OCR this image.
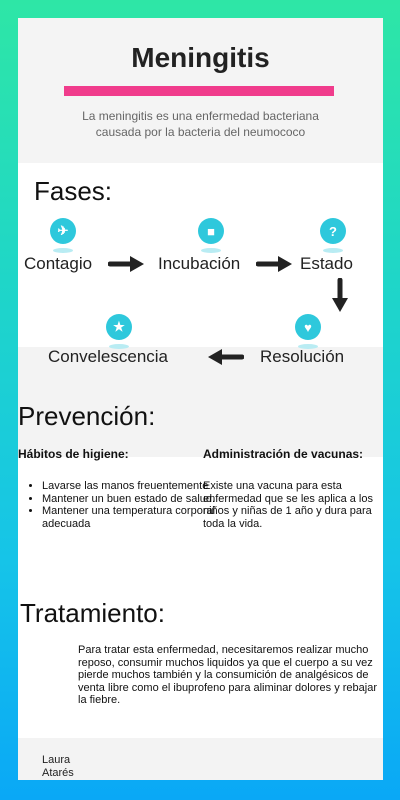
Meningitis
La meningitis es una enfermedad bacteriana causada por la bacteria del neumococo
Fases:
✈
Contagio
■
Incubación
?
Estado
♥
Resolución
★
Convelescencia
Prevención:
Hábitos de higiene:
• Lavarse las manos freuentemente
• Mantener un buen estado de salud.
• Mantener una temperatura corporal adecuada
Administración de vacunas:
Existe una vacuna para esta enfermedad que se les aplica a los niños y niñas de 1 año y dura para toda la vida.
Tratamiento:
Para tratar esta enfermedad, necesitaremos realizar mucho reposo, consumir muchos liquidos ya que el cuerpo a su vez pierde muchos también y la consumición de analgésicos de venta libre como el ibuprofeno para aliminar dolores y rebajar la fiebre.
Laura Atarés
